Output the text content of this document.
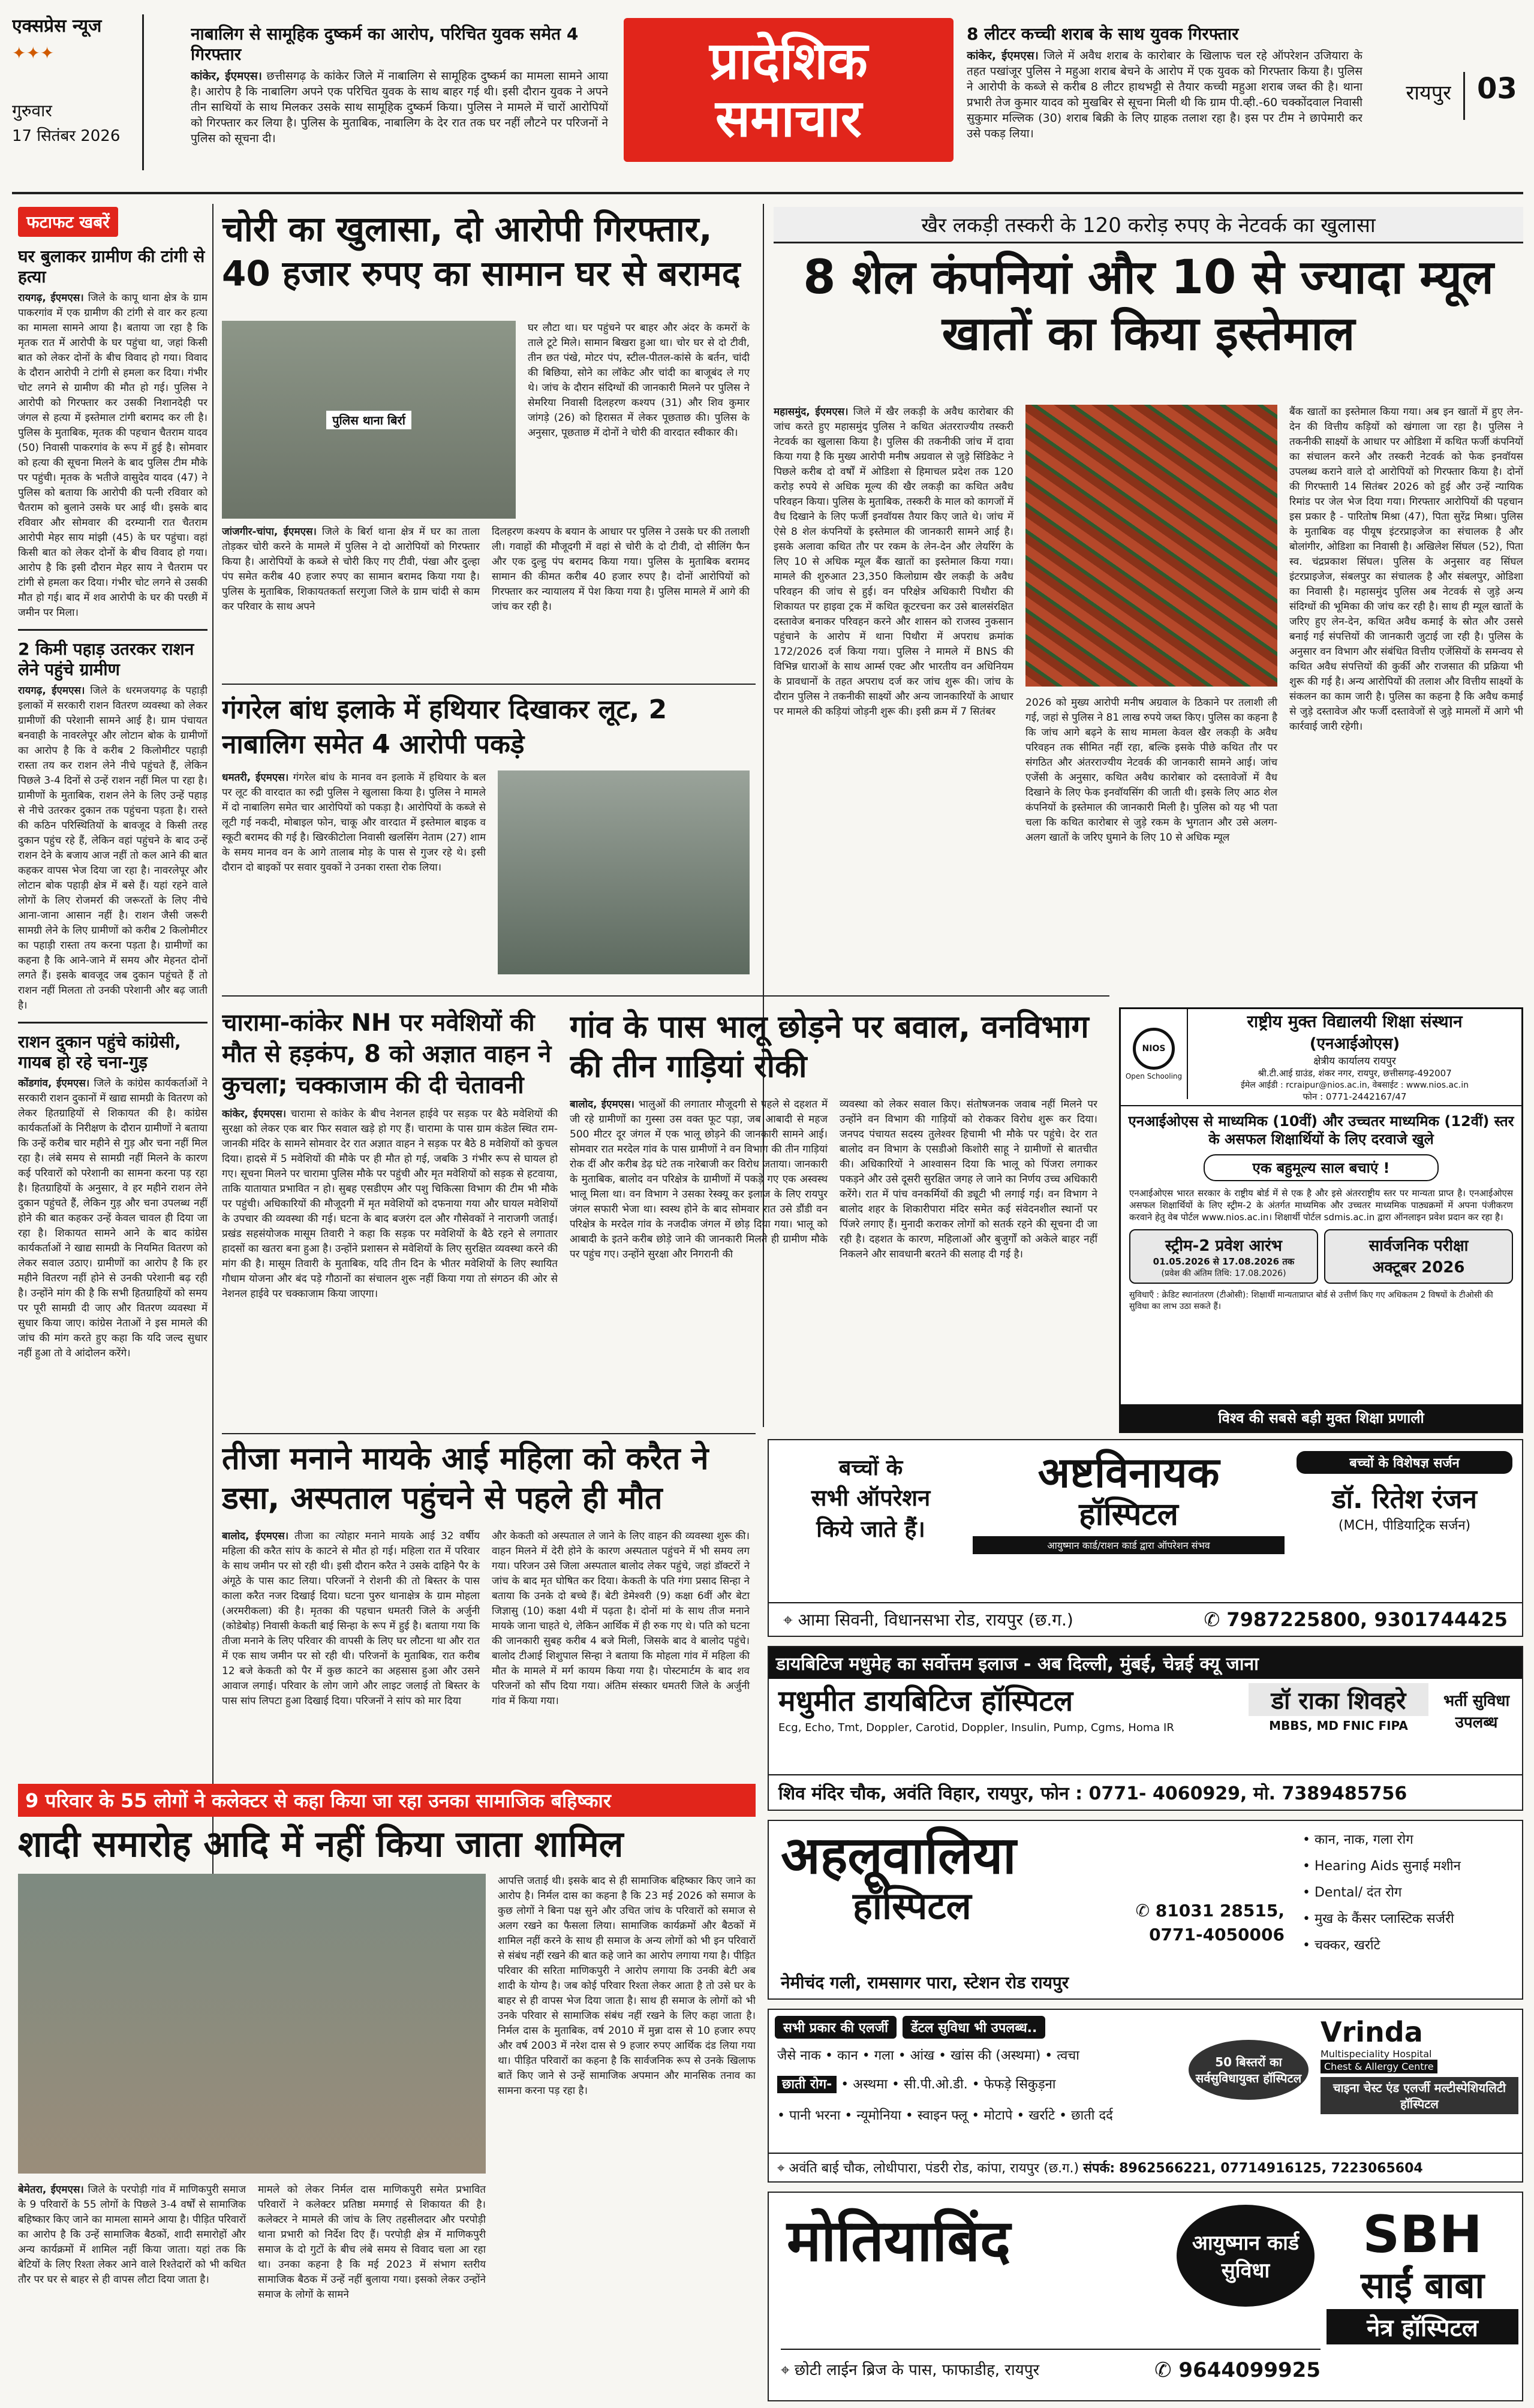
एक्सप्रेस न्यूज
✦✦✦
गुरुवार
17 सितंबर 2026
नाबालिग से सामूहिक दुष्कर्म का आरोप, परिचित युवक समेत 4 गिरफ्तार
कांकेर, ईएमएस। छत्तीसगढ़ के कांकेर जिले में नाबालिग से सामूहिक दुष्कर्म का मामला सामने आया है। आरोप है कि नाबालिग अपने एक परिचित युवक के साथ बाहर गई थी। इसी दौरान युवक ने अपने तीन साथियों के साथ मिलकर उसके साथ सामूहिक दुष्कर्म किया। पुलिस ने मामले में चारों आरोपियों को गिरफ्तार कर लिया है। पुलिस के मुताबिक, नाबालिग के देर रात तक घर नहीं लौटने पर परिजनों ने पुलिस को सूचना दी।
प्रादेशिक
समाचार
8 लीटर कच्ची शराब के साथ युवक गिरफ्तार
कांकेर, ईएमएस। जिले में अवैध शराब के कारोबार के खिलाफ चल रहे ऑपरेशन उजियारा के तहत पखांजूर पुलिस ने महुआ शराब बेचने के आरोप में एक युवक को गिरफ्तार किया है। पुलिस ने आरोपी के कब्जे से करीब 8 लीटर हाथभट्टी से तैयार कच्ची महुआ शराब जब्त की है। थाना प्रभारी तेज कुमार यादव को मुखबिर से सूचना मिली थी कि ग्राम पी.व्ही.-60 चक्कोंदवाल निवासी सुकुमार मल्लिक (30) शराब बिक्री के लिए ग्राहक तलाश रहा है। इस पर टीम ने छापेमारी कर उसे पकड़ लिया।
रायपुर 03
फटाफट खबरें
घर बुलाकर ग्रामीण की टांगी से हत्या
रायगढ़, ईएमएस। जिले के कापू थाना क्षेत्र के ग्राम पाकरगांव में एक ग्रामीण की टांगी से वार कर हत्या का मामला सामने आया है। बताया जा रहा है कि मृतक रात में आरोपी के घर पहुंचा था, जहां किसी बात को लेकर दोनों के बीच विवाद हो गया। विवाद के दौरान आरोपी ने टांगी से हमला कर दिया। गंभीर चोट लगने से ग्रामीण की मौत हो गई। पुलिस ने आरोपी को गिरफ्तार कर उसकी निशानदेही पर जंगल से हत्या में इस्तेमाल टांगी बरामद कर ली है। पुलिस के मुताबिक, मृतक की पहचान चैतराम यादव (50) निवासी पाकरगांव के रूप में हुई है। सोमवार को हत्या की सूचना मिलने के बाद पुलिस टीम मौके पर पहुंची। मृतक के भतीजे वासुदेव यादव (47) ने पुलिस को बताया कि आरोपी की पत्नी रविवार को चैतराम को बुलाने उसके घर आई थी। इसके बाद रविवार और सोमवार की दरम्यानी रात चैतराम आरोपी मेहर साय मांझी (45) के घर पहुंचा। वहां किसी बात को लेकर दोनों के बीच विवाद हो गया। आरोप है कि इसी दौरान मेहर साय ने चैतराम पर टांगी से हमला कर दिया। गंभीर चोट लगने से उसकी मौत हो गई। बाद में शव आरोपी के घर की परछी में जमीन पर मिला।
2 किमी पहाड़ उतरकर राशन लेने पहुंचे ग्रामीण
रायगढ़, ईएमएस। जिले के धरमजयगढ़ के पहाड़ी इलाकों में सरकारी राशन वितरण व्यवस्था को लेकर ग्रामीणों की परेशानी सामने आई है। ग्राम पंचायत बनवाही के नावरलेपूर और लोटान बोक के ग्रामीणों का आरोप है कि वे करीब 2 किलोमीटर पहाड़ी रास्ता तय कर राशन लेने नीचे पहुंचते हैं, लेकिन पिछले 3-4 दिनों से उन्हें राशन नहीं मिल पा रहा है। ग्रामीणों के मुताबिक, राशन लेने के लिए उन्हें पहाड़ से नीचे उतरकर दुकान तक पहुंचना पड़ता है। रास्ते की कठिन परिस्थितियों के बावजूद वे किसी तरह दुकान पहुंच रहे हैं, लेकिन वहां पहुंचने के बाद उन्हें राशन देने के बजाय आज नहीं तो कल आने की बात कहकर वापस भेज दिया जा रहा है। नावरलेपूर और लोटान बोक पहाड़ी क्षेत्र में बसे हैं। यहां रहने वाले लोगों के लिए रोजमर्रा की जरूरतों के लिए नीचे आना-जाना आसान नहीं है। राशन जैसी जरूरी सामग्री लेने के लिए ग्रामीणों को करीब 2 किलोमीटर का पहाड़ी रास्ता तय करना पड़ता है। ग्रामीणों का कहना है कि आने-जाने में समय और मेहनत दोनों लगते हैं। इसके बावजूद जब दुकान पहुंचते हैं तो राशन नहीं मिलता तो उनकी परेशानी और बढ़ जाती है।
राशन दुकान पहुंचे कांग्रेसी, गायब हो रहे चना-गुड़
कोंडगांव, ईएमएस। जिले के कांग्रेस कार्यकर्ताओं ने सरकारी राशन दुकानों में खाद्य सामग्री के वितरण को लेकर हितग्राहियों से शिकायत की है। कांग्रेस कार्यकर्ताओं के निरीक्षण के दौरान ग्रामीणों ने बताया कि उन्हें करीब चार महीने से गुड़ और चना नहीं मिल रहा है। लंबे समय से सामग्री नहीं मिलने के कारण कई परिवारों को परेशानी का सामना करना पड़ रहा है। हितग्राहियों के अनुसार, वे हर महीने राशन लेने दुकान पहुंचते हैं, लेकिन गुड़ और चना उपलब्ध नहीं होने की बात कहकर उन्हें केवल चावल ही दिया जा रहा है। शिकायत सामने आने के बाद कांग्रेस कार्यकर्ताओं ने खाद्य सामग्री के नियमित वितरण को लेकर सवाल उठाए। ग्रामीणों का आरोप है कि हर महीने वितरण नहीं होने से उनकी परेशानी बढ़ रही है। उन्होंने मांग की है कि सभी हितग्राहियों को समय पर पूरी सामग्री दी जाए और वितरण व्यवस्था में सुधार किया जाए। कांग्रेस नेताओं ने इस मामले की जांच की मांग करते हुए कहा कि यदि जल्द सुधार नहीं हुआ तो वे आंदोलन करेंगे।
चोरी का खुलासा, दो आरोपी गिरफ्तार, 40 हजार रुपए का सामान घर से बरामद
पुलिस थाना बिर्रा
घर लौटा था। घर पहुंचने पर बाहर और अंदर के कमरों के ताले टूटे मिले। सामान बिखरा हुआ था। चोर घर से दो टीवी, तीन छत पंखे, मोटर पंप, स्टील-पीतल-कांसे के बर्तन, चांदी की बिछिया, सोने का लॉकेट और चांदी का बाजूबंद ले गए थे। जांच के दौरान संदिग्धों की जानकारी मिलने पर पुलिस ने सेमरिया निवासी दिलहरण कश्यप (31) और शिव कुमार जांगड़े (26) को हिरासत में लेकर पूछताछ की। पुलिस के अनुसार, पूछताछ में दोनों ने चोरी की वारदात स्वीकार की।
जांजगीर-चांपा, ईएमएस। जिले के बिर्रा थाना क्षेत्र में घर का ताला तोड़कर चोरी करने के मामले में पुलिस ने दो आरोपियों को गिरफ्तार किया है। आरोपियों के कब्जे से चोरी किए गए टीवी, पंखा और दुल्हा पंप समेत करीब 40 हजार रुपए का सामान बरामद किया गया है। पुलिस के मुताबिक, शिकायतकर्ता सरगुजा जिले के ग्राम चांदी से काम कर परिवार के साथ अपने
दिलहरण कश्यप के बयान के आधार पर पुलिस ने उसके घर की तलाशी ली। गवाहों की मौजूदगी में वहां से चोरी के दो टीवी, दो सीलिंग फैन और एक दुल्हु पंप बरामद किया गया। पुलिस के मुताबिक बरामद सामान की कीमत करीब 40 हजार रुपए है। दोनों आरोपियों को गिरफ्तार कर न्यायालय में पेश किया गया है। पुलिस मामले में आगे की जांच कर रही है।
गंगरेल बांध इलाके में हथियार दिखाकर लूट, 2 नाबालिग समेत 4 आरोपी पकड़े
धमतरी, ईएमएस। गंगरेल बांध के मानव वन इलाके में हथियार के बल पर लूट की वारदात का रुद्री पुलिस ने खुलासा किया है। पुलिस ने मामले में दो नाबालिग समेत चार आरोपियों को पकड़ा है। आरोपियों के कब्जे से लूटी गई नकदी, मोबाइल फोन, चाकू और वारदात में इस्तेमाल बाइक व स्कूटी बरामद की गई है। खिरकीटोला निवासी खलसिंग नेताम (27) शाम के समय मानव वन के आगे तालाब मोड़ के पास से गुजर रहे थे। इसी दौरान दो बाइकों पर सवार युवकों ने उनका रास्ता रोक लिया।
खैर लकड़ी तस्करी के 120 करोड़ रुपए के नेटवर्क का खुलासा
8 शेल कंपनियां और 10 से ज्यादा म्यूल खातों का किया इस्तेमाल
महासमुंद, ईएमएस। जिले में खैर लकड़ी के अवैध कारोबार की जांच करते हुए महासमुंद पुलिस ने कथित अंतरराज्यीय तस्करी नेटवर्क का खुलासा किया है। पुलिस की तकनीकी जांच में दावा किया गया है कि मुख्य आरोपी मनीष अग्रवाल से जुड़े सिंडिकेट ने पिछले करीब दो वर्षों में ओडिशा से हिमाचल प्रदेश तक 120 करोड़ रुपये से अधिक मूल्य की खैर लकड़ी का कथित अवैध परिवहन किया। पुलिस के मुताबिक, तस्करी के माल को कागजों में वैध दिखाने के लिए फर्जी इनवॉयस तैयार किए जाते थे। जांच में ऐसे 8 शेल कंपनियों के इस्तेमाल की जानकारी सामने आई है। इसके अलावा कथित तौर पर रकम के लेन-देन और लेयरिंग के लिए 10 से अधिक म्यूल बैंक खातों का इस्तेमाल किया गया। मामले की शुरुआत 23,350 किलोग्राम खैर लकड़ी के अवैध परिवहन की जांच से हुई। वन परिक्षेत्र अधिकारी पिथौरा की शिकायत पर हाइवा ट्रक में कथित कूटरचना कर उसे बालसंरक्षित दस्तावेज बनाकर परिवहन करने और शासन को राजस्व नुकसान पहुंचाने के आरोप में थाना पिथौरा में अपराध क्रमांक 172/2026 दर्ज किया गया। पुलिस ने मामले में BNS की विभिन्न धाराओं के साथ आर्म्स एक्ट और भारतीय वन अधिनियम के प्रावधानों के तहत अपराध दर्ज कर जांच शुरू की। जांच के दौरान पुलिस ने तकनीकी साक्ष्यों और अन्य जानकारियों के आधार पर मामले की कड़ियां जोड़नी शुरू की। इसी क्रम में 7 सितंबर
2026 को मुख्य आरोपी मनीष अग्रवाल के ठिकाने पर तलाशी ली गई, जहां से पुलिस ने 81 लाख रुपये जब्त किए। पुलिस का कहना है कि जांच आगे बढ़ने के साथ मामला केवल खैर लकड़ी के अवैध परिवहन तक सीमित नहीं रहा, बल्कि इसके पीछे कथित तौर पर संगठित और अंतरराज्यीय नेटवर्क की जानकारी सामने आई। जांच एजेंसी के अनुसार, कथित अवैध कारोबार को दस्तावेजों में वैध दिखाने के लिए फेक इनवॉयसिंग की जाती थी। इसके लिए आठ शेल कंपनियों के इस्तेमाल की जानकारी मिली है। पुलिस को यह भी पता चला कि कथित कारोबार से जुड़े रकम के भुगतान और उसे अलग-अलग खातों के जरिए घुमाने के लिए 10 से अधिक म्यूल
बैंक खातों का इस्तेमाल किया गया। अब इन खातों में हुए लेन-देन की वित्तीय कड़ियों को खंगाला जा रहा है। पुलिस ने तकनीकी साक्ष्यों के आधार पर ओडिशा में कथित फर्जी कंपनियों का संचालन करने और तस्करी नेटवर्क को फेक इनवॉयस उपलब्ध कराने वाले दो आरोपियों को गिरफ्तार किया है। दोनों की गिरफ्तारी 14 सितंबर 2026 को हुई और उन्हें न्यायिक रिमांड पर जेल भेज दिया गया। गिरफ्तार आरोपियों की पहचान इस प्रकार है - पारितोष मिश्रा (47), पिता सुरेंद्र मिश्रा। पुलिस के मुताबिक वह पीयूष इंटरप्राइजेज का संचालक है और बोलांगीर, ओडिशा का निवासी है। अखिलेश सिंघल (52), पिता स्व. चंद्रप्रकाश सिंघल। पुलिस के अनुसार वह सिंघल इंटरप्राइजेज, संबलपुर का संचालक है और संबलपुर, ओडिशा का निवासी है। महासमुंद पुलिस अब नेटवर्क से जुड़े अन्य संदिग्धों की भूमिका की जांच कर रही है। साथ ही म्यूल खातों के जरिए हुए लेन-देन, कथित अवैध कमाई के स्रोत और उससे बनाई गई संपत्तियों की जानकारी जुटाई जा रही है। पुलिस के अनुसार वन विभाग और संबंधित वित्तीय एजेंसियों के समन्वय से कथित अवैध संपत्तियों की कुर्की और राजसात की प्रक्रिया भी शुरू की गई है। अन्य आरोपियों की तलाश और वित्तीय साक्ष्यों के संकलन का काम जारी है। पुलिस का कहना है कि अवैध कमाई से जुड़े दस्तावेज और फर्जी दस्तावेजों से जुड़े मामलों में आगे भी कार्रवाई जारी रहेगी।
चारामा-कांकेर NH पर मवेशियों की मौत से हड़कंप, 8 को अज्ञात वाहन ने कुचला; चक्काजाम की दी चेतावनी
कांकेर, ईएमएस। चारामा से कांकेर के बीच नेशनल हाईवे पर सड़क पर बैठे मवेशियों की सुरक्षा को लेकर एक बार फिर सवाल खड़े हो गए हैं। चारामा के पास ग्राम कंडेल स्थित राम-जानकी मंदिर के सामने सोमवार देर रात अज्ञात वाहन ने सड़क पर बैठे 8 मवेशियों को कुचल दिया। हादसे में 5 मवेशियों की मौके पर ही मौत हो गई, जबकि 3 गंभीर रूप से घायल हो गए। सूचना मिलने पर चारामा पुलिस मौके पर पहुंची और मृत मवेशियों को सड़क से हटवाया, ताकि यातायात प्रभावित न हो। सुबह एसडीएम और पशु चिकित्सा विभाग की टीम भी मौके पर पहुंची। अधिकारियों की मौजूदगी में मृत मवेशियों को दफनाया गया और घायल मवेशियों के उपचार की व्यवस्था की गई। घटना के बाद बजरंग दल और गौसेवकों ने नाराजगी जताई। प्रखंड सहसंयोजक मासूम तिवारी ने कहा कि सड़क पर मवेशियों के बैठे रहने से लगातार हादसों का खतरा बना हुआ है। उन्होंने प्रशासन से मवेशियों के लिए सुरक्षित व्यवस्था करने की मांग की है। मासूम तिवारी के मुताबिक, यदि तीन दिन के भीतर मवेशियों के लिए स्थायित गौधाम योजना और बंद पड़े गौठानों का संचालन शुरू नहीं किया गया तो संगठन की ओर से नेशनल हाईवे पर चक्काजाम किया जाएगा।
गांव के पास भालू छोड़ने पर बवाल, वनविभाग की तीन गाड़ियां रोकी
बालोद, ईएमएस। भालुओं की लगातार मौजूदगी से पहले से दहशत में जी रहे ग्रामीणों का गुस्सा उस वक्त फूट पड़ा, जब आबादी से महज 500 मीटर दूर जंगल में एक भालू छोड़ने की जानकारी सामने आई। सोमवार रात मरदेल गांव के पास ग्रामीणों ने वन विभाग की तीन गाड़ियां रोक दीं और करीब डेढ़ घंटे तक नारेबाजी कर विरोध जताया। जानकारी के मुताबिक, बालोद वन परिक्षेत्र के ग्रामीणों में पकड़े गए एक अस्वस्थ भालू मिला था। वन विभाग ने उसका रेस्क्यू कर इलाज के लिए रायपुर जंगल सफारी भेजा था। स्वस्थ होने के बाद सोमवार रात उसे डौंडी वन परिक्षेत्र के मरदेल गांव के नजदीक जंगल में छोड़ दिया गया। भालू को आबादी के इतने करीब छोड़े जाने की जानकारी मिलते ही ग्रामीण मौके पर पहुंच गए। उन्होंने सुरक्षा और निगरानी की
व्यवस्था को लेकर सवाल किए। संतोषजनक जवाब नहीं मिलने पर उन्होंने वन विभाग की गाड़ियों को रोककर विरोध शुरू कर दिया। जनपद पंचायत सदस्य तुलेश्वर हिचामी भी मौके पर पहुंचे। देर रात बालोद वन विभाग के एसडीओ किशोरी साहू ने ग्रामीणों से बातचीत की। अधिकारियों ने आश्वासन दिया कि भालू को पिंजरा लगाकर पकड़ने और उसे दूसरी सुरक्षित जगह ले जाने का निर्णय उच्च अधिकारी करेंगे। रात में पांच वनकर्मियों की ड्यूटी भी लगाई गई। वन विभाग ने बालोद शहर के शिकारीपारा मंदिर समेत कई संवेदनशील स्थानों पर पिंजरे लगाए हैं। मुनादी कराकर लोगों को सतर्क रहने की सूचना दी जा रही है। दहशत के कारण, महिलाओं और बुजुर्गों को अकेले बाहर नहीं निकलने और सावधानी बरतने की सलाह दी गई है।
NIOS
Open Schooling
राष्ट्रीय मुक्त विद्यालयी शिक्षा संस्थान
(एनआईओएस)
क्षेत्रीय कार्यालय रायपुर
श्री.टी.आई ग्राउंड, शंकर नगर, रायपुर, छत्तीसगढ़-492007
ईमेल आईडी : rcraipur@nios.ac.in, वेबसाईट : www.nios.ac.in
फोन : 0771-2442167/47
एनआईओएस से माध्यमिक (10वीं) और उच्चतर माध्यमिक (12वीं) स्तर के असफल शिक्षार्थियों के लिए दरवाजे खुले
एक बहुमूल्य साल बचाएं !
एनआईओएस भारत सरकार के राष्ट्रीय बोर्ड में से एक है और इसे अंतरराष्ट्रीय स्तर पर मान्यता प्राप्त है। एनआईओएस असफल शिक्षार्थियों के लिए स्ट्रीम-2 के अंतर्गत माध्यमिक और उच्चतर माध्यमिक पाठ्यक्रमों में अपना पंजीकरण करवाने हेतु वेब पोर्टल www.nios.ac.in। शिक्षार्थी पोर्टल sdmis.ac.in द्वारा ऑनलाइन प्रवेश प्रदान कर रहा है।
स्ट्रीम-2 प्रवेश आरंभ
01.05.2026 से 17.08.2026 तक
(प्रवेश की अंतिम तिथि: 17.08.2026)
सार्वजनिक परीक्षा
अक्टूबर 2026
सुविधाएँ : क्रेडिट स्थानांतरण (टीओसी): शिक्षार्थी मान्यताप्राप्त बोर्ड से उत्तीर्ण किए गए अधिकतम 2 विषयों के टीओसी की सुविधा का लाभ उठा सकते हैं।
विश्व की सबसे बड़ी मुक्त शिक्षा प्रणाली
तीजा मनाने मायके आई महिला को करैत ने डसा, अस्पताल पहुंचने से पहले ही मौत
बालोद, ईएमएस। तीजा का त्योहार मनाने मायके आई 32 वर्षीय महिला की करैत सांप के काटने से मौत हो गई। महिला रात में परिवार के साथ जमीन पर सो रही थी। इसी दौरान करैत ने उसके दाहिने पैर के अंगूठे के पास काट लिया। परिजनों ने रोशनी की तो बिस्तर के पास काला करैत नजर दिखाई दिया। घटना पुरुर थानाक्षेत्र के ग्राम मोहला (अरमरीकला) की है। मृतका की पहचान धमतरी जिले के अर्जुनी (कोडेबोड़) निवासी केकती बाई सिन्हा के रूप में हुई है। बताया गया कि तीजा मनाने के लिए परिवार की वापसी के लिए घर लौटना था और रात में एक साथ जमीन पर सो रही थी। परिजनों के मुताबिक, रात करीब 12 बजे केकती को पैर में कुछ काटने का अहसास हुआ और उसने आवाज लगाई। परिवार के लोग जागे और लाइट जलाई तो बिस्तर के पास सांप लिपटा हुआ दिखाई दिया। परिजनों ने सांप को मार दिया
और केकती को अस्पताल ले जाने के लिए वाहन की व्यवस्था शुरू की। वाहन मिलने में देरी होने के कारण अस्पताल पहुंचने में भी समय लग गया। परिजन उसे जिला अस्पताल बालोद लेकर पहुंचे, जहां डॉक्टरों ने जांच के बाद मृत घोषित कर दिया। केकती के पति गंगा प्रसाद सिन्हा ने बताया कि उनके दो बच्चे हैं। बेटी डेमेश्वरी (9) कक्षा 6वीं और बेटा जिज्ञासु (10) कक्षा 4थी में पढ़ता है। दोनों मां के साथ तीज मनाने मायके जाना चाहते थे, लेकिन आर्थिक में ही रुक गए थे। पति को घटना की जानकारी सुबह करीब 4 बजे मिली, जिसके बाद वे बालोद पहुंचे। बालोद टीआई शिशुपाल सिन्हा ने बताया कि मोहला गांव में महिला की मौत के मामले में मर्ग कायम किया गया है। पोस्टमार्टम के बाद शव परिजनों को सौंप दिया गया। अंतिम संस्कार धमतरी जिले के अर्जुनी गांव में किया गया।
बच्चों के
सभी ऑपरेशन
किये जाते हैं।
अष्टविनायक
हॉस्पिटल
आयुष्मान कार्ड/राशन कार्ड द्वारा ऑपरेशन संभव
बच्चों के विशेषज्ञ सर्जन
डॉ. रितेश रंजन
(MCH, पीडियाट्रिक सर्जन)
⌖ आमा सिवनी, विधानसभा रोड, रायपुर (छ.ग.)	✆ 7987225800, 9301744425
डायबिटिज मधुमेह का सर्वोत्तम इलाज - अब दिल्ली, मुंबई, चेन्नई क्यू जाना
मधुमीत डायबिटिज हॉस्पिटल
Ecg, Echo, Tmt, Doppler, Carotid, Doppler, Insulin, Pump, Cgms, Homa IR
डॉ राका शिवहरे
MBBS, MD FNIC FIPA
भर्ती सुविधा उपलब्ध
शिव मंदिर चौक, अवंति विहार, रायपुर, फोन : 0771- 4060929, मो. 7389485756
9 परिवार के 55 लोगों ने कलेक्टर से कहा किया जा रहा उनका सामाजिक बहिष्कार
शादी समारोह आदि में नहीं किया जाता शामिल
आपत्ति जताई थी। इसके बाद से ही सामाजिक बहिष्कार किए जाने का आरोप है। निर्मल दास का कहना है कि 23 मई 2026 को समाज के कुछ लोगों ने बिना पक्ष सुने और उचित जांच के परिवारों को समाज से अलग रखने का फैसला लिया। सामाजिक कार्यक्रमों और बैठकों में शामिल नहीं करने के साथ ही समाज के अन्य लोगों को भी इन परिवारों से संबंध नहीं रखने की बात कहे जाने का आरोप लगाया गया है। पीड़ित परिवार की सरिता माणिकपुरी ने आरोप लगाया कि उनकी बेटी अब शादी के योग्य है। जब कोई परिवार रिश्ता लेकर आता है तो उसे घर के बाहर से ही वापस भेज दिया जाता है। साथ ही समाज के लोगों को भी उनके परिवार से सामाजिक संबंध नहीं रखने के लिए कहा जाता है। निर्मल दास के मुताबिक, वर्ष 2010 में मुन्ना दास से 10 हजार रुपए और वर्ष 2003 में नरेश दास से 9 हजार रुपए आर्थिक दंड लिया गया था। पीड़ित परिवारों का कहना है कि सार्वजनिक रूप से उनके खिलाफ बातें किए जाने से उन्हें सामाजिक अपमान और मानसिक तनाव का सामना करना पड़ रहा है।
बेमेतरा, ईएमएस। जिले के परपोड़ी गांव में माणिकपुरी समाज के 9 परिवारों के 55 लोगों के पिछले 3-4 वर्षों से सामाजिक बहिष्कार किए जाने का मामला सामने आया है। पीड़ित परिवारों का आरोप है कि उन्हें सामाजिक बैठकों, शादी समारोहों और अन्य कार्यक्रमों में शामिल नहीं किया जाता। यहां तक कि बेटियों के लिए रिश्ता लेकर आने वाले रिश्तेदारों को भी कथित तौर पर घर से बाहर से ही वापस लौटा दिया जाता है।
मामले को लेकर निर्मल दास माणिकपुरी समेत प्रभावित परिवारों ने कलेक्टर प्रतिष्ठा ममगाई से शिकायत की है। कलेक्टर ने मामले की जांच के लिए तहसीलदार और परपोड़ी थाना प्रभारी को निर्देश दिए हैं। परपोड़ी क्षेत्र में माणिकपुरी समाज के दो गुटों के बीच लंबे समय से विवाद चला आ रहा था। उनका कहना है कि मई 2023 में संभाग स्तरीय सामाजिक बैठक में उन्हें नहीं बुलाया गया। इसको लेकर उन्होंने समाज के लोगों के सामने
अहलूवालिया
हॉस्पिटल	✆ 81031 28515,
0771-4050006
• कान, नाक, गला रोग
• Hearing Aids सुनाई मशीन
• Dental/ दंत रोग
• मुख के कैंसर प्लास्टिक सर्जरी
• चक्कर, खर्राटे
नेमीचंद गली, रामसागर पारा, स्टेशन रोड रायपुर
सभी प्रकार की एलर्जी	डेंटल सुविधा भी उपलब्ध..
जैसे नाक • कान • गला • आंख • खांस की (अस्थमा) • त्वचा
छाती रोग- • अस्थमा • सी.पी.ओ.डी. • फेफड़े सिकुड़ना
• पानी भरना • न्यूमोनिया • स्वाइन फ्लू • मोटापे • खर्राटे • छाती दर्द
50 बिस्तरों का सर्वसुविधायुक्त हॉस्पिटल
Vrinda
Multispeciality Hospital
Chest & Allergy Centre
चाइना चेस्ट एंड एलर्जी मल्टीस्पेशियलिटी हॉस्पिटल
⌖ अवंति बाई चौक, लोधीपारा, पंडरी रोड, कांपा, रायपुर (छ.ग.) संपर्क: 8962566221, 07714916125, 7223065604
मोतियाबिंद	आयुष्मान कार्ड सुविधा
SBH
साईं बाबा
नेत्र हॉस्पिटल
⌖ छोटी लाईन ब्रिज के पास, फाफाडीह, रायपुर	✆ 9644099925
